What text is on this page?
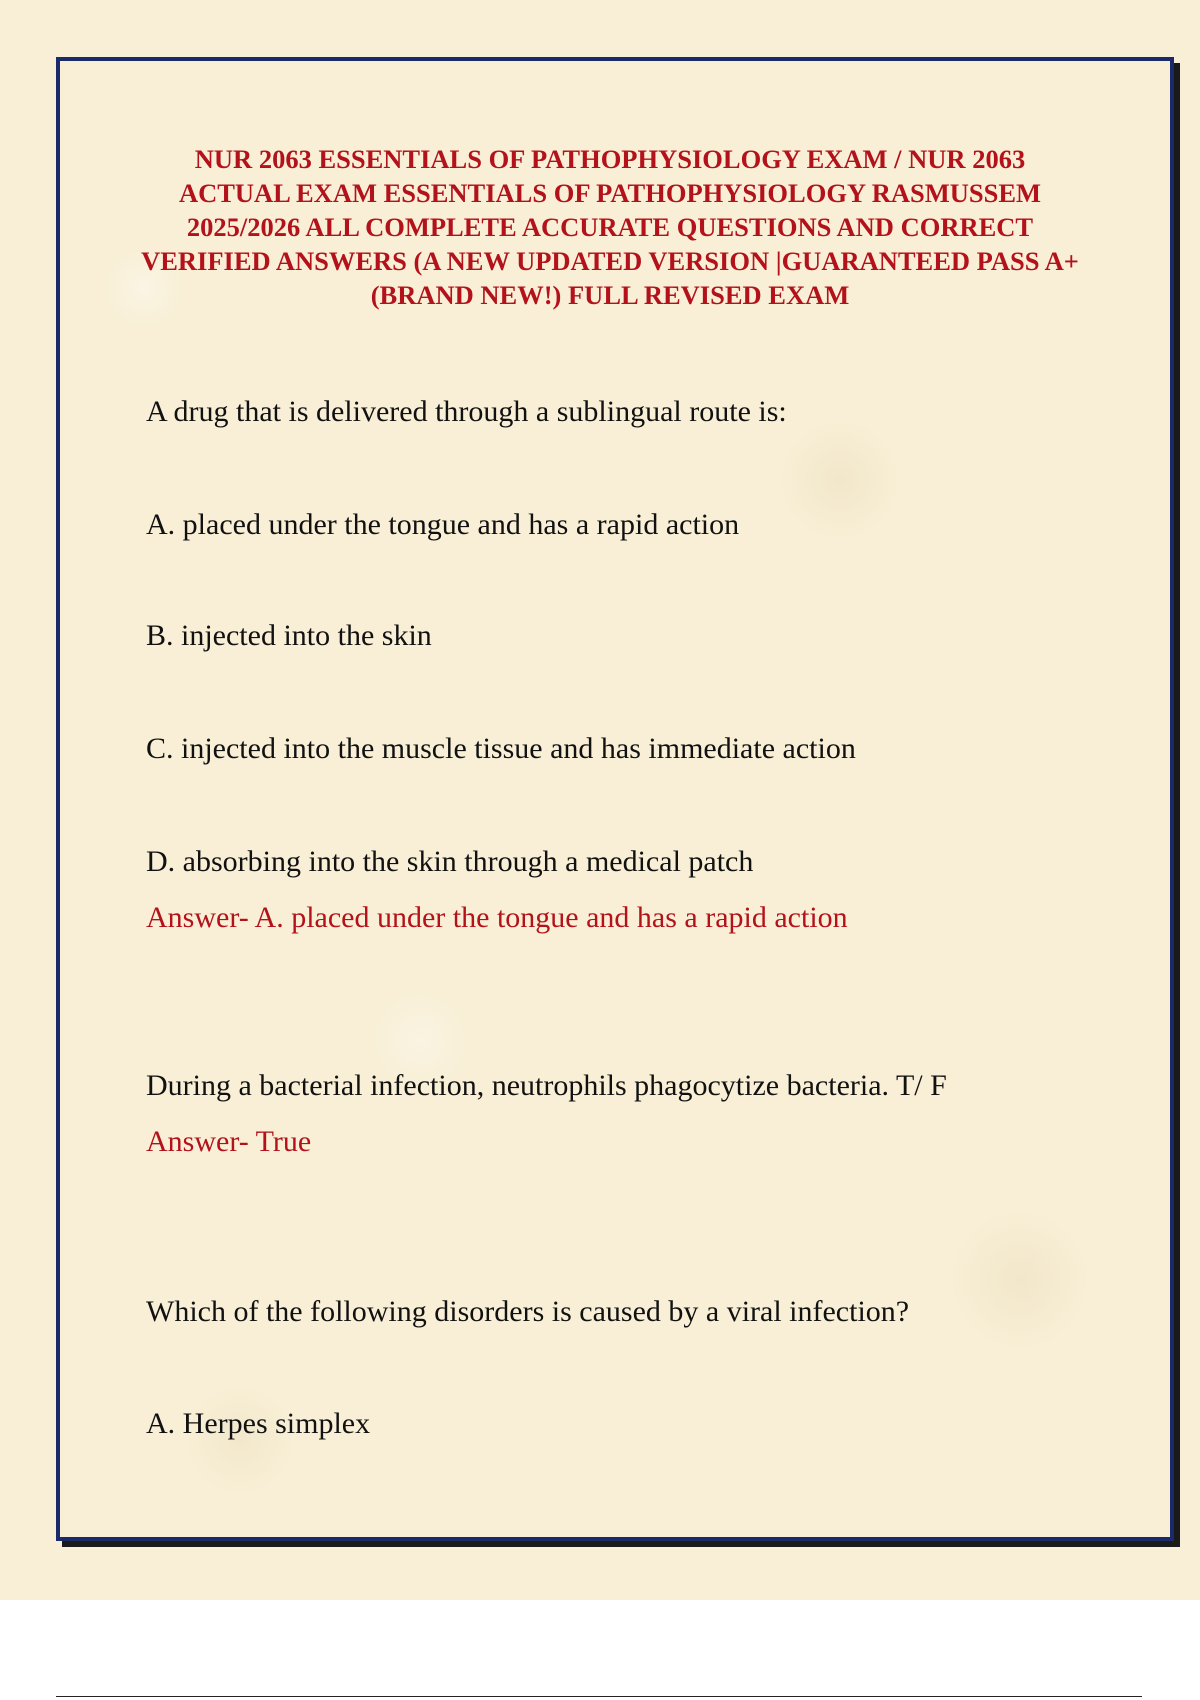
NUR 2063 ESSENTIALS OF PATHOPHYSIOLOGY EXAM / NUR 2063 ACTUAL EXAM ESSENTIALS OF PATHOPHYSIOLOGY RASMUSSEM 2025/2026 ALL COMPLETE ACCURATE QUESTIONS AND CORRECT VERIFIED ANSWERS (A NEW UPDATED VERSION |GUARANTEED PASS A+ (BRAND NEW!) FULL REVISED EXAM

A drug that is delivered through a sublingual route is:

A. placed under the tongue and has a rapid action

B. injected into the skin

C. injected into the muscle tissue and has immediate action

D. absorbing into the skin through a medical patch

Answer- A. placed under the tongue and has a rapid action

During a bacterial infection, neutrophils phagocytize bacteria. T/ F

Answer- True

Which of the following disorders is caused by a viral infection?

A. Herpes simplex
